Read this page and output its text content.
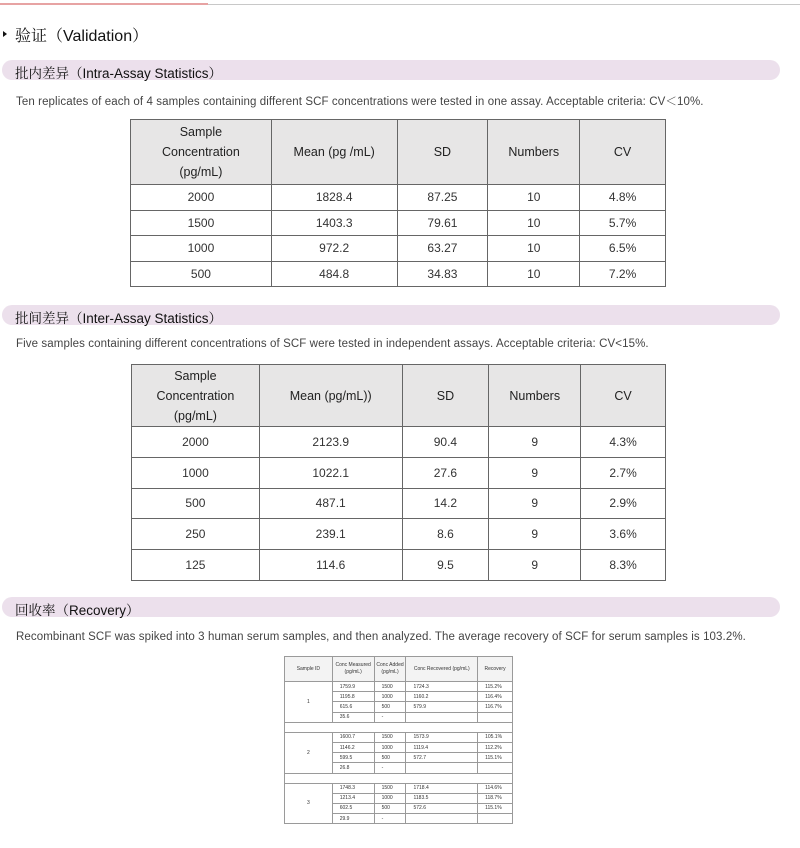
验证（Validation）
批内差异（Intra-Assay Statistics）
Ten replicates of each of 4 samples containing different SCF concentrations were tested in one assay. Acceptable criteria: CV＜10%.
Sample Concentration (pg/mL)	Mean (pg /mL)	SD	Numbers	CV
2000	1828.4	87.25	10	4.8%
1500	1403.3	79.61	10	5.7%
1000	972.2	63.27	10	6.5%
500	484.8	34.83	10	7.2%
批间差异（Inter-Assay Statistics）
Five samples containing different concentrations of SCF were tested in independent assays. Acceptable criteria: CV<15%.
Sample Concentration (pg/mL)	Mean (pg/mL))	SD	Numbers	CV
2000	2123.9	90.4	9	4.3%
1000	1022.1	27.6	9	2.7%
500	487.1	14.2	9	2.9%
250	239.1	8.6	9	3.6%
125	114.6	9.5	9	8.3%
回收率（Recovery）
Recombinant SCF was spiked into 3 human serum samples, and then analyzed. The average recovery of SCF for serum samples is 103.2%.
Sample ID	Conc Measured (pg/mL)	Conc Added (pg/mL)	Conc Recovered (pg/mL)	Recovery
1	1759.9	1500	1724.3	115.2%
	1195.8	1000	1160.2	116.4%
	615.6	500	579.9	116.7%
	35.6	-		

2	1600.7	1500	1573.9	105.1%
	1146.2	1000	1119.4	112.2%
	599.5	500	572.7	115.1%
	26.8	-		

3	1748.3	1500	1718.4	114.6%
	1213.4	1000	1183.5	118.7%
	602.5	500	572.6	115.1%
	29.9	-		
